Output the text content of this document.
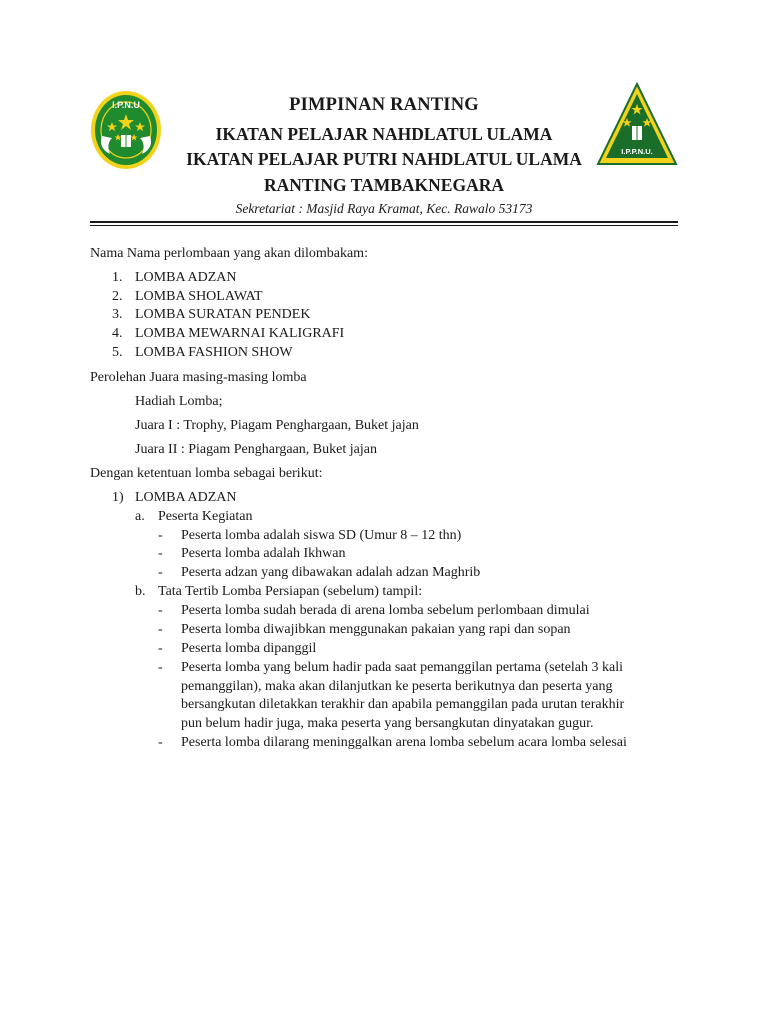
I.P.N.U
I.P.P.N.U.
PIMPINAN RANTING
IKATAN PELAJAR NAHDLATUL ULAMA
IKATAN PELAJAR PUTRI NAHDLATUL ULAMA
RANTING TAMBAKNEGARA
Sekretariat : Masjid Raya Kramat, Kec. Rawalo 53173
Nama Nama perlombaan yang akan dilombakam:
1. LOMBA ADZAN
2. LOMBA SHOLAWAT
3. LOMBA SURATAN PENDEK
4. LOMBA MEWARNAI KALIGRAFI
5. LOMBA FASHION SHOW
Perolehan Juara masing-masing lomba
Hadiah Lomba;
Juara I : Trophy, Piagam Penghargaan, Buket jajan
Juara II : Piagam Penghargaan, Buket jajan
Dengan ketentuan lomba sebagai berikut:
1) LOMBA ADZAN
a. Peserta Kegiatan
- Peserta lomba adalah siswa SD (Umur 8 – 12 thn)
- Peserta lomba adalah Ikhwan
- Peserta adzan yang dibawakan adalah adzan Maghrib
b. Tata Tertib Lomba Persiapan (sebelum) tampil:
- Peserta lomba sudah berada di arena lomba sebelum perlombaan dimulai
- Peserta lomba diwajibkan menggunakan pakaian yang rapi dan sopan
- Peserta lomba dipanggil
- Peserta lomba yang belum hadir pada saat pemanggilan pertama (setelah 3 kali
pemanggilan), maka akan dilanjutkan ke peserta berikutnya dan peserta yang
bersangkutan diletakkan terakhir dan apabila pemanggilan pada urutan terakhir
pun belum hadir juga, maka peserta yang bersangkutan dinyatakan gugur.
- Peserta lomba dilarang meninggalkan arena lomba sebelum acara lomba selesai
